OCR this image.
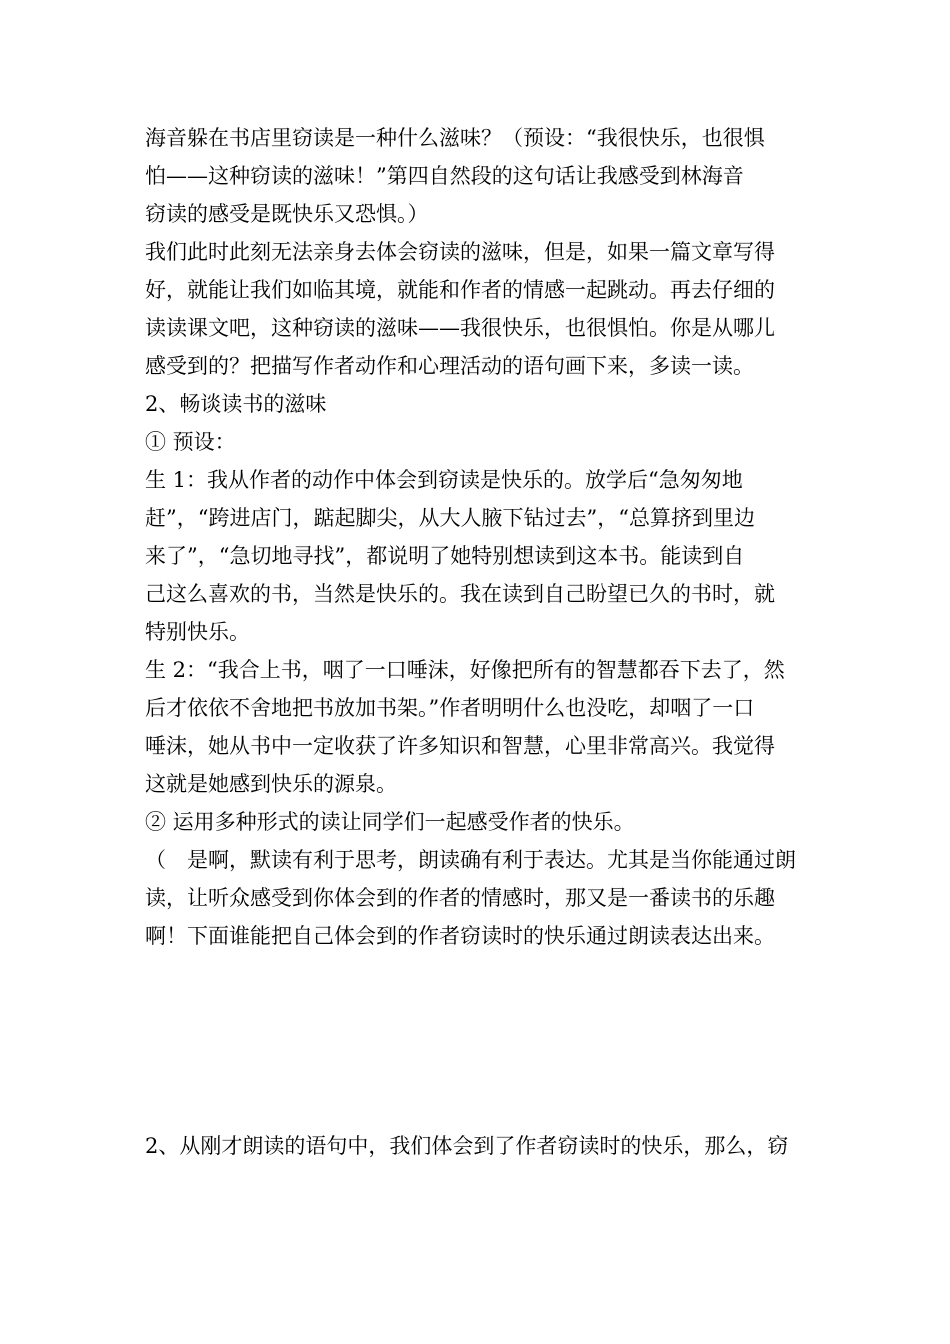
海音躲在书店里窃读是一种什么滋味？（预设：“我很快乐，也很惧
怕——这种窃读的滋味！”第四自然段的这句话让我感受到林海音
窃读的感受是既快乐又恐惧。）
我们此时此刻无法亲身去体会窃读的滋味，但是，如果一篇文章写得
好，就能让我们如临其境，就能和作者的情感一起跳动。再去仔细的
读读课文吧，这种窃读的滋味——我很快乐，也很惧怕。你是从哪儿
感受到的？把描写作者动作和心理活动的语句画下来，多读一读。
2、畅谈读书的滋味
① 预设：
生 1：我从作者的动作中体会到窃读是快乐的。放学后“急匆匆地
赶”，“跨进店门，踮起脚尖，从大人腋下钻过去”，“总算挤到里边
来了”，“急切地寻找”，都说明了她特别想读到这本书。能读到自
己这么喜欢的书，当然是快乐的。我在读到自己盼望已久的书时，就
特别快乐。
生 2：“我合上书，咽了一口唾沫，好像把所有的智慧都吞下去了，然
后才依依不舍地把书放加书架。”作者明明什么也没吃，却咽了一口
唾沫，她从书中一定收获了许多知识和智慧，心里非常高兴。我觉得
这就是她感到快乐的源泉。
② 运用多种形式的读让同学们一起感受作者的快乐。
（　是啊，默读有利于思考，朗读确有利于表达。尤其是当你能通过朗
读，让听众感受到你体会到的作者的情感时，那又是一番读书的乐趣
啊！下面谁能把自己体会到的作者窃读时的快乐通过朗读表达出来。
2、从刚才朗读的语句中，我们体会到了作者窃读时的快乐，那么，窃
